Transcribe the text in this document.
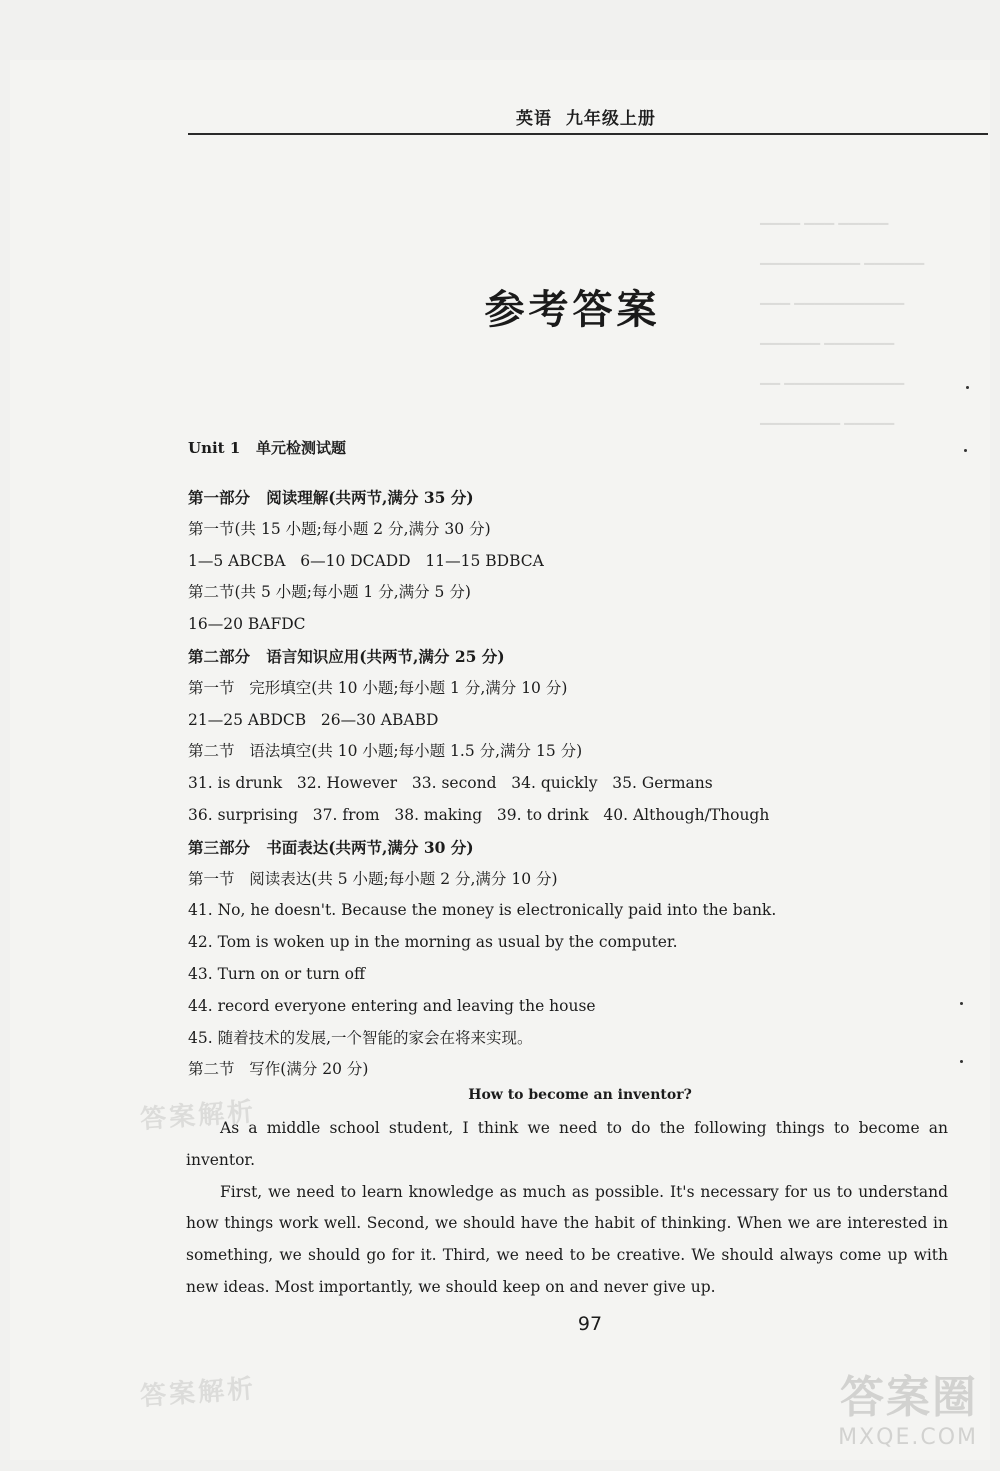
英语  九年级上册
▔▔▔▔ ▔▔▔ ▔▔▔▔▔
▔▔▔▔▔▔▔▔▔▔ ▔▔▔▔▔▔
▔▔▔ ▔▔▔▔▔▔▔▔▔▔▔
▔▔▔▔▔▔ ▔▔▔▔▔▔▔
▔▔ ▔▔▔▔▔▔▔▔▔▔▔▔
▔▔▔▔▔▔▔▔ ▔▔▔▔▔
参考答案
Unit 1   单元检测试题
第一部分   阅读理解(共两节,满分 35 分)
第一节(共 15 小题;每小题 2 分,满分 30 分)
1—5 ABCBA   6—10 DCADD   11—15 BDBCA
第二节(共 5 小题;每小题 1 分,满分 5 分)
16—20 BAFDC
第二部分   语言知识应用(共两节,满分 25 分)
第一节   完形填空(共 10 小题;每小题 1 分,满分 10 分)
21—25 ABDCB   26—30 ABABD
第二节   语法填空(共 10 小题;每小题 1.5 分,满分 15 分)
31. is drunk   32. However   33. second   34. quickly   35. Germans
36. surprising   37. from   38. making   39. to drink   40. Although/Though
第三部分   书面表达(共两节,满分 30 分)
第一节   阅读表达(共 5 小题;每小题 2 分,满分 10 分)
41. No, he doesn't. Because the money is electronically paid into the bank.
42. Tom is woken up in the morning as usual by the computer.
43. Turn on or turn off
44. record everyone entering and leaving the house
45. 随着技术的发展,一个智能的家会在将来实现。
第二节   写作(满分 20 分)
How to become an inventor?

As a middle school student, I think we need to do the following things to become an inventor.

First, we need to learn knowledge as much as possible. It's necessary for us to understand how things work well. Second, we should have the habit of thinking. When we are interested in something, we should go for it. Third, we need to be creative. We should always come up with new ideas. Most importantly, we should keep on and never give up.

97
答案解析
答案解析	答案圈
MXQE.COM
